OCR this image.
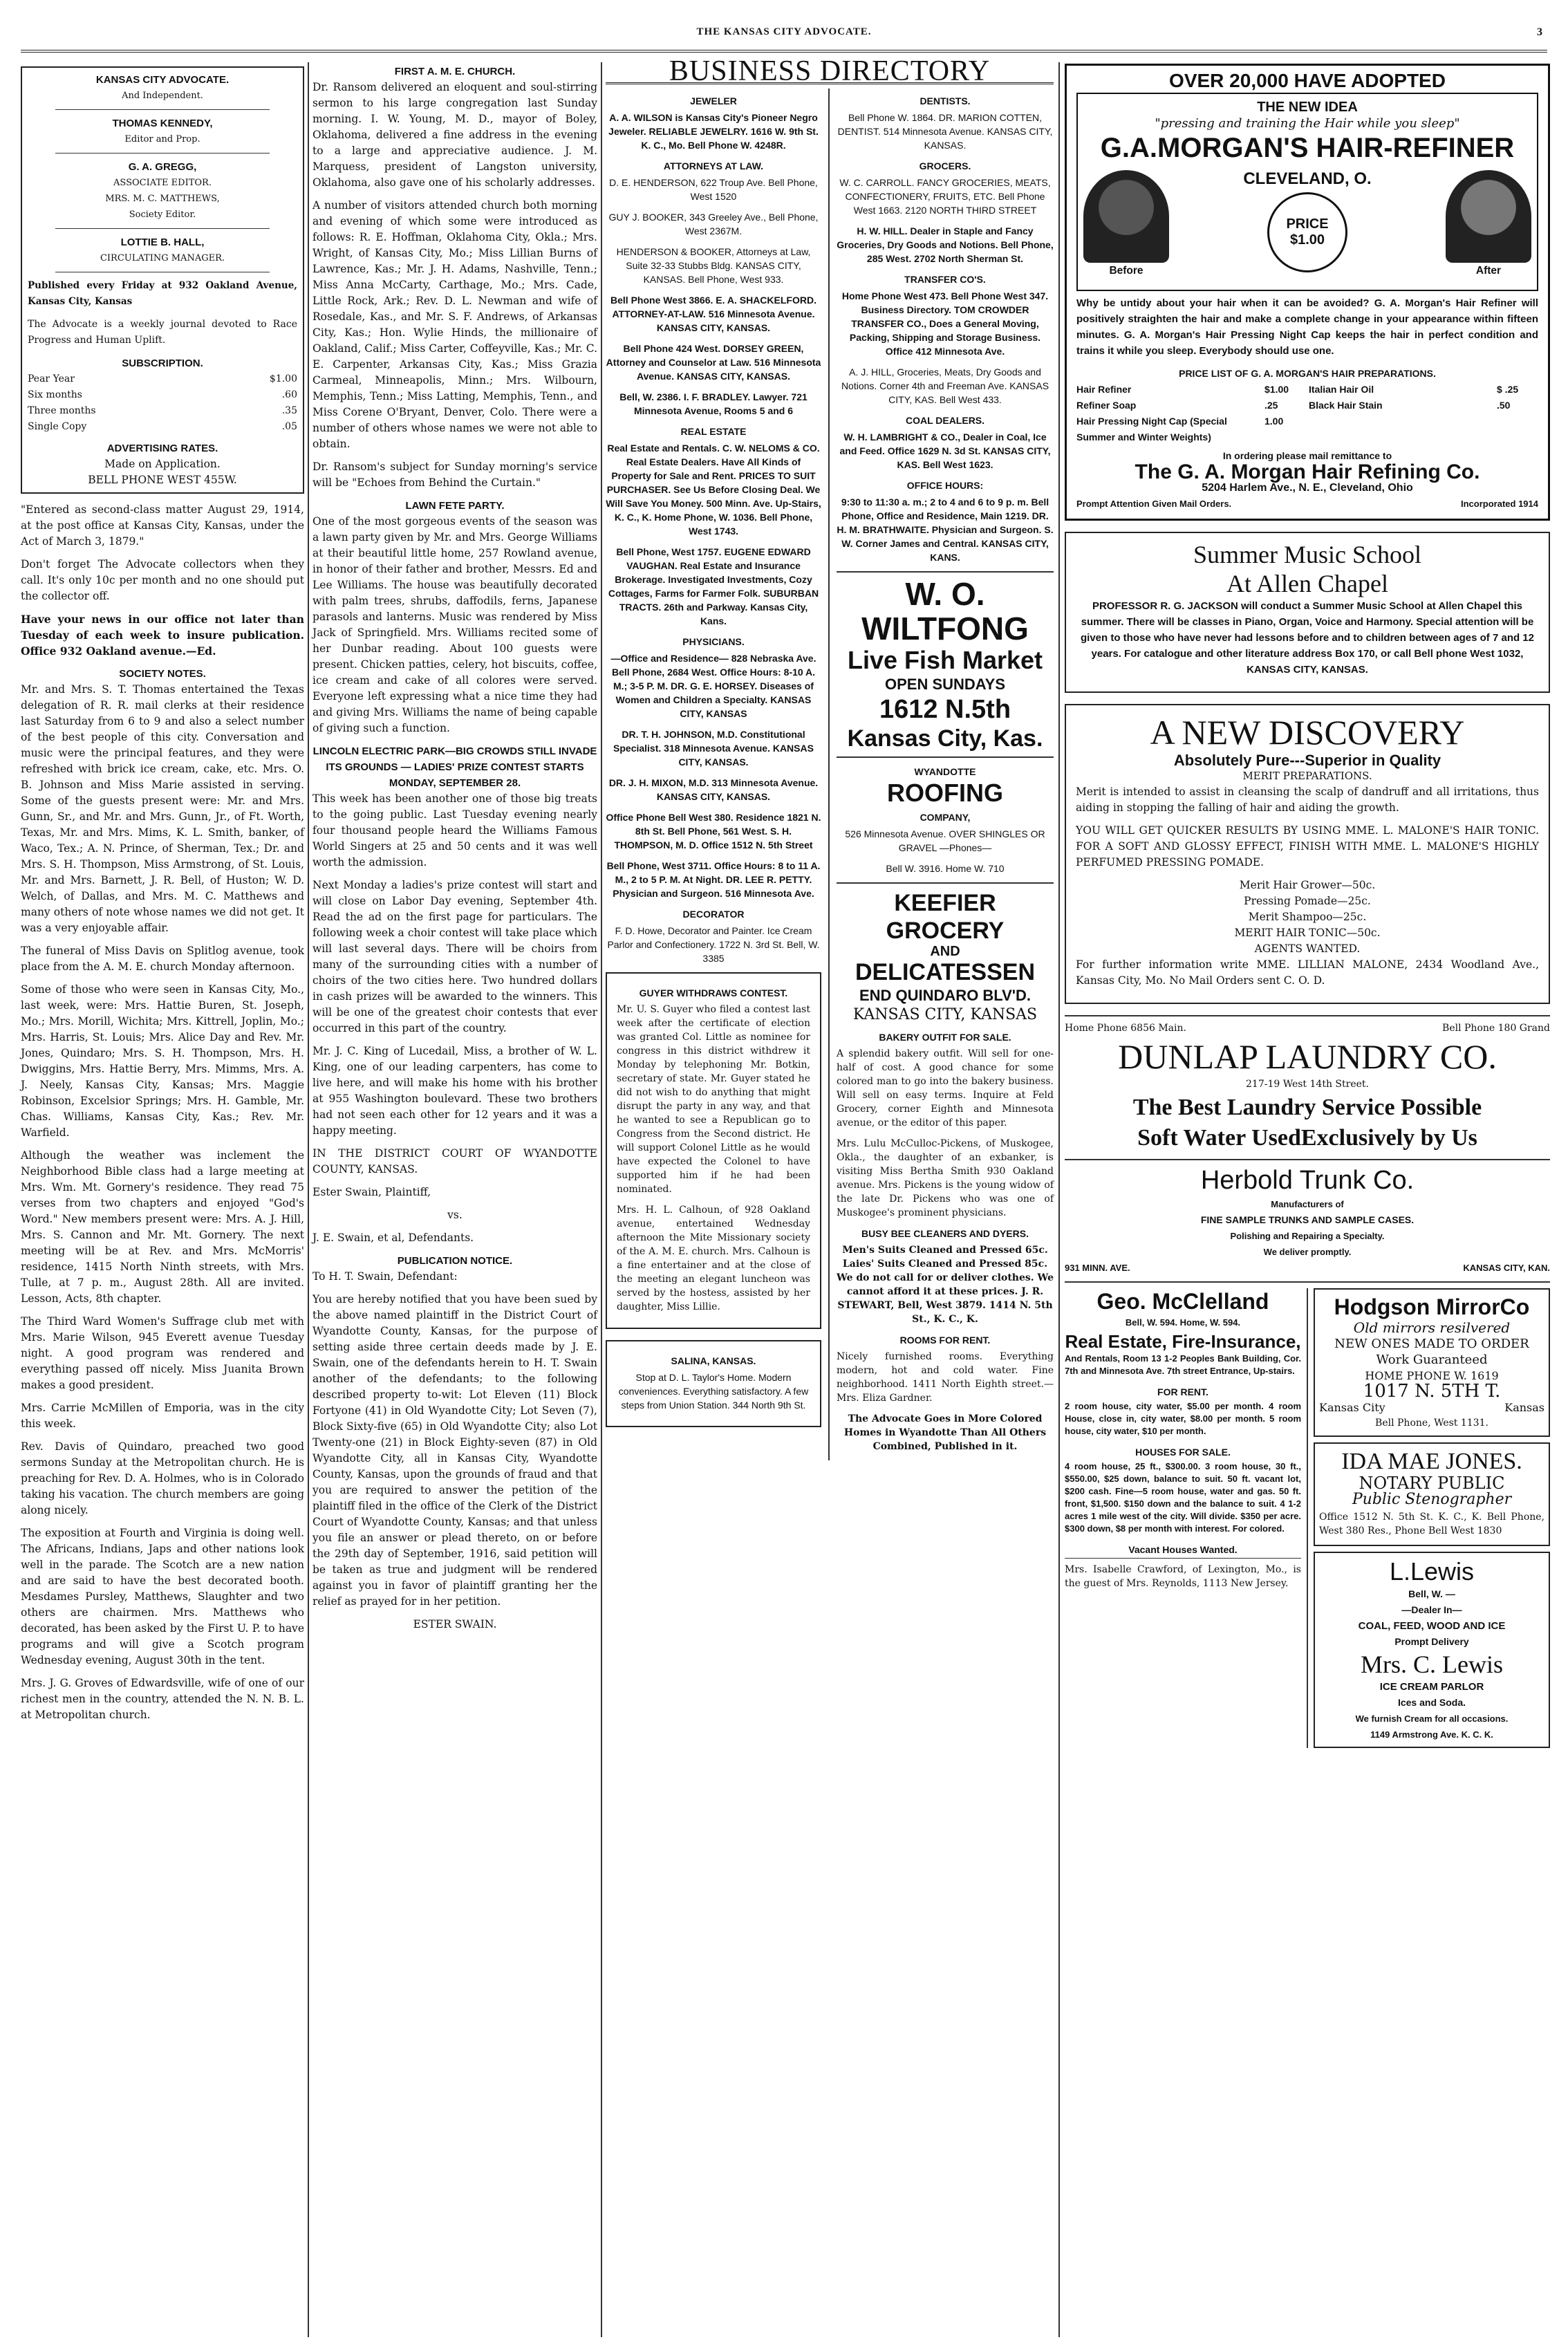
THE KANSAS CITY ADVOCATE.	3
KANSAS CITY ADVOCATE.
And Independent.
THOMAS KENNEDY,
Editor and Prop.
G. A. GREGG,
ASSOCIATE EDITOR.
MRS. M. C. MATTHEWS,
Society Editor.
LOTTIE B. HALL,
CIRCULATING MANAGER.

Published every Friday at 932 Oakland Avenue, Kansas City, Kansas

The Advocate is a weekly journal devoted to Race Progress and Human Uplift.

SUBSCRIPTION.
Pear Year	$1.00
Six months	.60
Three months	.35
Single Copy	.05
ADVERTISING RATES.
Made on Application.
BELL PHONE WEST 455W.

"Entered as second-class matter August 29, 1914, at the post office at Kansas City, Kansas, under the Act of March 3, 1879."

Don't forget The Advocate collectors when they call. It's only 10c per month and no one should put the collector off.

Have your news in our office not later than Tuesday of each week to insure publication. Office 932 Oakland avenue.—Ed.

SOCIETY NOTES.

Mr. and Mrs. S. T. Thomas entertained the Texas delegation of R. R. mail clerks at their residence last Saturday from 6 to 9 and also a select number of the best people of this city. Conversation and music were the principal features, and they were refreshed with brick ice cream, cake, etc. Mrs. O. B. Johnson and Miss Marie assisted in serving. Some of the guests present were: Mr. and Mrs. Gunn, Sr., and Mr. and Mrs. Gunn, Jr., of Ft. Worth, Texas, Mr. and Mrs. Mims, K. L. Smith, banker, of Waco, Tex.; A. N. Prince, of Sherman, Tex.; Dr. and Mrs. S. H. Thompson, Miss Armstrong, of St. Louis, Mr. and Mrs. Barnett, J. R. Bell, of Huston; W. D. Welch, of Dallas, and Mrs. M. C. Matthews and many others of note whose names we did not get. It was a very enjoyable affair.

The funeral of Miss Davis on Splitlog avenue, took place from the A. M. E. church Monday afternoon.

Some of those who were seen in Kansas City, Mo., last week, were: Mrs. Hattie Buren, St. Joseph, Mo.; Mrs. Morill, Wichita; Mrs. Kittrell, Joplin, Mo.; Mrs. Harris, St. Louis; Mrs. Alice Day and Rev. Mr. Jones, Quindaro; Mrs. S. H. Thompson, Mrs. H. Dwiggins, Mrs. Hattie Berry, Mrs. Mimms, Mrs. A. J. Neely, Kansas City, Kansas; Mrs. Maggie Robinson, Excelsior Springs; Mrs. H. Gamble, Mr. Chas. Williams, Kansas City, Kas.; Rev. Mr. Warfield.

Although the weather was inclement the Neighborhood Bible class had a large meeting at Mrs. Wm. Mt. Gornery's residence. They read 75 verses from two chapters and enjoyed "God's Word." New members present were: Mrs. A. J. Hill, Mrs. S. Cannon and Mr. Mt. Gornery. The next meeting will be at Rev. and Mrs. McMorris' residence, 1415 North Ninth streets, with Mrs. Tulle, at 7 p. m., August 28th. All are invited. Lesson, Acts, 8th chapter.

The Third Ward Women's Suffrage club met with Mrs. Marie Wilson, 945 Everett avenue Tuesday night. A good program was rendered and everything passed off nicely. Miss Juanita Brown makes a good president.

Mrs. Carrie McMillen of Emporia, was in the city this week.

Rev. Davis of Quindaro, preached two good sermons Sunday at the Metropolitan church. He is preaching for Rev. D. A. Holmes, who is in Colorado taking his vacation. The church members are going along nicely.

The exposition at Fourth and Virginia is doing well. The Africans, Indians, Japs and other nations look well in the parade. The Scotch are a new nation and are said to have the best decorated booth. Mesdames Pursley, Matthews, Slaughter and two others are chairmen. Mrs. Matthews who decorated, has been asked by the First U. P. to have programs and will give a Scotch program Wednesday evening, August 30th in the tent.

Mrs. J. G. Groves of Edwardsville, wife of one of our richest men in the country, attended the N. N. B. L. at Metropolitan church.

FIRST A. M. E. CHURCH.

Dr. Ransom delivered an eloquent and soul-stirring sermon to his large congregation last Sunday morning. I. W. Young, M. D., mayor of Boley, Oklahoma, delivered a fine address in the evening to a large and appreciative audience. J. M. Marquess, president of Langston university, Oklahoma, also gave one of his scholarly addresses.

A number of visitors attended church both morning and evening of which some were introduced as follows: R. E. Hoffman, Oklahoma City, Okla.; Mrs. Wright, of Kansas City, Mo.; Miss Lillian Burns of Lawrence, Kas.; Mr. J. H. Adams, Nashville, Tenn.; Miss Anna McCarty, Carthage, Mo.; Mrs. Cade, Little Rock, Ark.; Rev. D. L. Newman and wife of Rosedale, Kas., and Mr. S. F. Andrews, of Arkansas City, Kas.; Hon. Wylie Hinds, the millionaire of Oakland, Calif.; Miss Carter, Coffeyville, Kas.; Mr. C. E. Carpenter, Arkansas City, Kas.; Miss Grazia Carmeal, Minneapolis, Minn.; Mrs. Wilbourn, Memphis, Tenn.; Miss Latting, Memphis, Tenn., and Miss Corene O'Bryant, Denver, Colo. There were a number of others whose names we were not able to obtain.

Dr. Ransom's subject for Sunday morning's service will be "Echoes from Behind the Curtain."

LAWN FETE PARTY.

One of the most gorgeous events of the season was a lawn party given by Mr. and Mrs. George Williams at their beautiful little home, 257 Rowland avenue, in honor of their father and brother, Messrs. Ed and Lee Williams. The house was beautifully decorated with palm trees, shrubs, daffodils, ferns, Japanese parasols and lanterns. Music was rendered by Miss Jack of Springfield. Mrs. Williams recited some of her Dunbar reading. About 100 guests were present. Chicken patties, celery, hot biscuits, coffee, ice cream and cake of all colores were served. Everyone left expressing what a nice time they had and giving Mrs. Williams the name of being capable of giving such a function.

LINCOLN ELECTRIC PARK—BIG CROWDS STILL INVADE ITS GROUNDS — LADIES' PRIZE CONTEST STARTS MONDAY, SEPTEMBER 28.

This week has been another one of those big treats to the going public. Last Tuesday evening nearly four thousand people heard the Williams Famous World Singers at 25 and 50 cents and it was well worth the admission.

Next Monday a ladies's prize contest will start and will close on Labor Day evening, September 4th. Read the ad on the first page for particulars. The following week a choir contest will take place which will last several days. There will be choirs from many of the surrounding cities with a number of choirs of the two cities here. Two hundred dollars in cash prizes will be awarded to the winners. This will be one of the greatest choir contests that ever occurred in this part of the country.

Mr. J. C. King of Lucedail, Miss, a brother of W. L. King, one of our leading carpenters, has come to live here, and will make his home with his brother at 955 Washington boulevard. These two brothers had not seen each other for 12 years and it was a happy meeting.

IN THE DISTRICT COURT OF WYANDOTTE COUNTY, KANSAS.

Ester Swain, Plaintiff,

vs.

J. E. Swain, et al, Defendants.

PUBLICATION NOTICE.

To H. T. Swain, Defendant:

You are hereby notified that you have been sued by the above named plaintiff in the District Court of Wyandotte County, Kansas, for the purpose of setting aside three certain deeds made by J. E. Swain, one of the defendants herein to H. T. Swain another of the defendants; to the following described property to-wit: Lot Eleven (11) Block Fortyone (41) in Old Wyandotte City; Lot Seven (7), Block Sixty-five (65) in Old Wyandotte City; also Lot Twenty-one (21) in Block Eighty-seven (87) in Old Wyandotte City, all in Kansas City, Wyandotte County, Kansas, upon the grounds of fraud and that you are required to answer the petition of the plaintiff filed in the office of the Clerk of the District Court of Wyandotte County, Kansas; and that unless you file an answer or plead thereto, on or before the 29th day of September, 1916, said petition will be taken as true and judgment will be rendered against you in favor of plaintiff granting her the relief as prayed for in her petition.

ESTER SWAIN.

BUSINESS DIRECTORY
JEWELER

A. A. WILSON is Kansas City's Pioneer Negro Jeweler. RELIABLE JEWELRY. 1616 W. 9th St. K. C., Mo. Bell Phone W. 4248R.

ATTORNEYS AT LAW.

D. E. HENDERSON, 622 Troup Ave. Bell Phone, West 1520

GUY J. BOOKER, 343 Greeley Ave., Bell Phone, West 2367M.

HENDERSON & BOOKER, Attorneys at Law, Suite 32-33 Stubbs Bldg. KANSAS CITY, KANSAS. Bell Phone, West 933.

Bell Phone West 3866. E. A. SHACKELFORD. ATTORNEY-AT-LAW. 516 Minnesota Avenue. KANSAS CITY, KANSAS.

Bell Phone 424 West. DORSEY GREEN, Attorney and Counselor at Law. 516 Minnesota Avenue. KANSAS CITY, KANSAS.

Bell, W. 2386. I. F. BRADLEY. Lawyer. 721 Minnesota Avenue, Rooms 5 and 6

REAL ESTATE

Real Estate and Rentals. C. W. NELOMS & CO. Real Estate Dealers. Have All Kinds of Property for Sale and Rent. PRICES TO SUIT PURCHASER. See Us Before Closing Deal. We Will Save You Money. 500 Minn. Ave. Up-Stairs, K. C., K. Home Phone, W. 1036. Bell Phone, West 1743.

Bell Phone, West 1757. EUGENE EDWARD VAUGHAN. Real Estate and Insurance Brokerage. Investigated Investments, Cozy Cottages, Farms for Farmer Folk. SUBURBAN TRACTS. 26th and Parkway. Kansas City, Kans.

PHYSICIANS.

—Office and Residence— 828 Nebraska Ave. Bell Phone, 2684 West. Office Hours: 8-10 A. M.; 3-5 P. M. DR. G. E. HORSEY. Diseases of Women and Children a Specialty. KANSAS CITY, KANSAS

DR. T. H. JOHNSON, M.D. Constitutional Specialist. 318 Minnesota Avenue. KANSAS CITY, KANSAS.

DR. J. H. MIXON, M.D. 313 Minnesota Avenue. KANSAS CITY, KANSAS.

Office Phone Bell West 380. Residence 1821 N. 8th St. Bell Phone, 561 West. S. H. THOMPSON, M. D. Office 1512 N. 5th Street

Bell Phone, West 3711. Office Hours: 8 to 11 A. M., 2 to 5 P. M. At Night. DR. LEE R. PETTY. Physician and Surgeon. 516 Minnesota Ave.

DECORATOR

F. D. Howe, Decorator and Painter. Ice Cream Parlor and Confectionery. 1722 N. 3rd St. Bell, W. 3385

GUYER WITHDRAWS CONTEST.

Mr. U. S. Guyer who filed a contest last week after the certificate of election was granted Col. Little as nominee for congress in this district withdrew it Monday by telephoning Mr. Botkin, secretary of state. Mr. Guyer stated he did not wish to do anything that might disrupt the party in any way, and that he wanted to see a Republican go to Congress from the Second district. He will support Colonel Little as he would have expected the Colonel to have supported him if he had been nominated.

Mrs. H. L. Calhoun, of 928 Oakland avenue, entertained Wednesday afternoon the Mite Missionary society of the A. M. E. church. Mrs. Calhoun is a fine entertainer and at the close of the meeting an elegant luncheon was served by the hostess, assisted by her daughter, Miss Lillie.

SALINA, KANSAS.

Stop at D. L. Taylor's Home. Modern conveniences. Everything satisfactory. A few steps from Union Station. 344 North 9th St.

DENTISTS.

Bell Phone W. 1864. DR. MARION COTTEN, DENTIST. 514 Minnesota Avenue. KANSAS CITY, KANSAS.

GROCERS.

W. C. CARROLL. FANCY GROCERIES, MEATS, CONFECTIONERY, FRUITS, ETC. Bell Phone West 1663. 2120 NORTH THIRD STREET

H. W. HILL. Dealer in Staple and Fancy Groceries, Dry Goods and Notions. Bell Phone, 285 West. 2702 North Sherman St.

TRANSFER CO'S.

Home Phone West 473. Bell Phone West 347. Business Directory. TOM CROWDER TRANSFER CO., Does a General Moving, Packing, Shipping and Storage Business. Office 412 Minnesota Ave.

A. J. HILL, Groceries, Meats, Dry Goods and Notions. Corner 4th and Freeman Ave. KANSAS CITY, KAS. Bell West 433.

COAL DEALERS.

W. H. LAMBRIGHT & CO., Dealer in Coal, Ice and Feed. Office 1629 N. 3d St. KANSAS CITY, KAS. Bell West 1623.

OFFICE HOURS:

9:30 to 11:30 a. m.; 2 to 4 and 6 to 9 p. m. Bell Phone, Office and Residence, Main 1219. DR. H. M. BRATHWAITE. Physician and Surgeon. S. W. Corner James and Central. KANSAS CITY, KANS.

W. O. WILTFONG
Live Fish Market
OPEN SUNDAYS
1612 N.5th
Kansas City, Kas.
WYANDOTTE
ROOFING
COMPANY,

526 Minnesota Avenue. OVER SHINGLES OR GRAVEL —Phones—

Bell W. 3916. Home W. 710

KEEFIER GROCERY
AND
DELICATESSEN
END QUINDARO BLV'D.
KANSAS CITY, KANSAS
BAKERY OUTFIT FOR SALE.

A splendid bakery outfit. Will sell for one-half of cost. A good chance for some colored man to go into the bakery business. Will sell on easy terms. Inquire at Feld Grocery, corner Eighth and Minnesota avenue, or the editor of this paper.

Mrs. Lulu McCulloc-Pickens, of Muskogee, Okla., the daughter of an exbanker, is visiting Miss Bertha Smith 930 Oakland avenue. Mrs. Pickens is the young widow of the late Dr. Pickens who was one of Muskogee's prominent physicians.

BUSY BEE CLEANERS AND DYERS.

Men's Suits Cleaned and Pressed 65c. Laies' Suits Cleaned and Pressed 85c. We do not call for or deliver clothes. We cannot afford it at these prices. J. R. STEWART, Bell, West 3879. 1414 N. 5th St., K. C., K.

ROOMS FOR RENT.

Nicely furnished rooms. Everything modern, hot and cold water. Fine neighborhood. 1411 North Eighth street.—Mrs. Eliza Gardner.

The Advocate Goes in More Colored Homes in Wyandotte Than All Others Combined, Published in it.

OVER 20,000 HAVE ADOPTED
THE NEW IDEA
"pressing and training the Hair while you sleep"
G.A.MORGAN'S HAIR-REFINER
Before
CLEVELAND, O.
PRICE $1.00
After

Why be untidy about your hair when it can be avoided? G. A. Morgan's Hair Refiner will positively straighten the hair and make a complete change in your appearance within fifteen minutes. G. A. Morgan's Hair Pressing Night Cap keeps the hair in perfect condition and trains it while you sleep. Everybody should use one.

PRICE LIST OF G. A. MORGAN'S HAIR PREPARATIONS.
Hair Refiner	$1.00	Italian Hair Oil	$ .25
Refiner Soap	.25	Black Hair Stain	.50
Hair Pressing Night Cap (Special Summer and Winter Weights)
1.00
In ordering please mail remittance to
The G. A. Morgan Hair Refining Co.
5204 Harlem Ave., N. E., Cleveland, Ohio
Prompt Attention Given Mail Orders.	Incorporated 1914
Summer Music School
At Allen Chapel

PROFESSOR R. G. JACKSON will conduct a Summer Music School at Allen Chapel this summer. There will be classes in Piano, Organ, Voice and Harmony. Special attention will be given to those who have never had lessons before and to children between ages of 7 and 12 years. For catalogue and other literature address Box 170, or call Bell phone West 1032, KANSAS CITY, KANSAS.

A NEW DISCOVERY
Absolutely Pure---Superior in Quality
MERIT PREPARATIONS.

Merit is intended to assist in cleansing the scalp of dandruff and all irritations, thus aiding in stopping the falling of hair and aiding the growth.

YOU WILL GET QUICKER RESULTS BY USING MME. L. MALONE'S HAIR TONIC. FOR A SOFT AND GLOSSY EFFECT, FINISH WITH MME. L. MALONE'S HIGHLY PERFUMED PRESSING POMADE.

Merit Hair Grower—50c.
Pressing Pomade—25c.
Merit Shampoo—25c.
MERIT HAIR TONIC—50c.
AGENTS WANTED.

For further information write MME. LILLIAN MALONE, 2434 Woodland Ave., Kansas City, Mo. No Mail Orders sent C. O. D.

Home Phone 6856 Main.	Bell Phone 180 Grand
DUNLAP LAUNDRY CO.
217-19 West 14th Street.
The Best Laundry Service Possible
Soft Water UsedExclusively by Us
Herbold Trunk Co.
Manufacturers of
FINE SAMPLE TRUNKS AND SAMPLE CASES.
Polishing and Repairing a Specialty.
We deliver promptly.
931 MINN. AVE.	KANSAS CITY, KAN.
Geo. McClelland
Bell, W. 594. Home, W. 594.
Real Estate, Fire-Insurance,

And Rentals, Room 13 1-2 Peoples Bank Building, Cor. 7th and Minnesota Ave. 7th street Entrance, Up-stairs.

FOR RENT.

2 room house, city water, $5.00 per month. 4 room House, close in, city water, $8.00 per month. 5 room house, city water, $10 per month.

HOUSES FOR SALE.

4 room house, 25 ft., $300.00. 3 room house, 30 ft., $550.00, $25 down, balance to suit. 50 ft. vacant lot, $200 cash. Fine—5 room house, water and gas. 50 ft. front, $1,500. $150 down and the balance to suit. 4 1-2 acres 1 mile west of the city. Will divide. $350 per acre. $300 down, $8 per month with interest. For colored.

Vacant Houses Wanted.

Mrs. Isabelle Crawford, of Lexington, Mo., is the guest of Mrs. Reynolds, 1113 New Jersey.

Hodgson MirrorCo
Old mirrors resilvered
NEW ONES MADE TO ORDER
Work Guaranteed
HOME PHONE W. 1619
1017 N. 5TH T.
Kansas City	Kansas
Bell Phone, West 1131.
IDA MAE JONES.
NOTARY PUBLIC
Public Stenographer

Office 1512 N. 5th St. K. C., K. Bell Phone, West 380 Res., Phone Bell West 1830

L.Lewis
Bell, W. —
—Dealer In—
COAL, FEED, WOOD AND ICE
Prompt Delivery
Mrs. C. Lewis
ICE CREAM PARLOR
Ices and Soda.
We furnish Cream for all occasions.
1149 Armstrong Ave. K. C. K.
